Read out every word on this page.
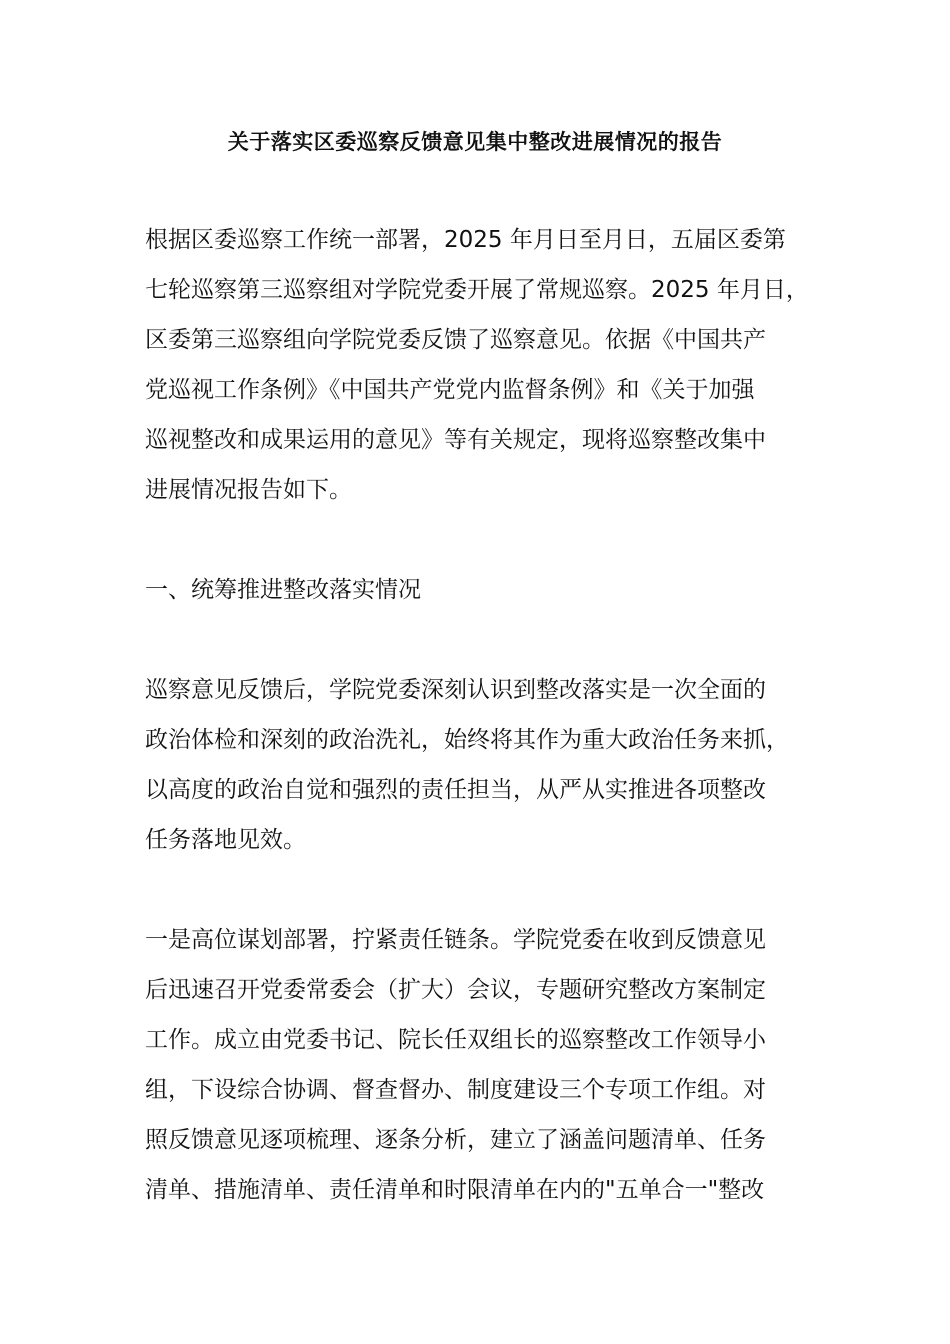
关于落实区委巡察反馈意见集中整改进展情况的报告

根据区委巡察工作统一部署，2025 年月日至月日，五届区委第
七轮巡察第三巡察组对学院党委开展了常规巡察。2025 年月日，
区委第三巡察组向学院党委反馈了巡察意见。依据《中国共产
党巡视工作条例》《中国共产党党内监督条例》和《关于加强
巡视整改和成果运用的意见》等有关规定，现将巡察整改集中
进展情况报告如下。

一、统筹推进整改落实情况

巡察意见反馈后，学院党委深刻认识到整改落实是一次全面的
政治体检和深刻的政治洗礼，始终将其作为重大政治任务来抓，
以高度的政治自觉和强烈的责任担当，从严从实推进各项整改
任务落地见效。

一是高位谋划部署，拧紧责任链条。学院党委在收到反馈意见
后迅速召开党委常委会（扩大）会议，专题研究整改方案制定
工作。成立由党委书记、院长任双组长的巡察整改工作领导小
组，下设综合协调、督查督办、制度建设三个专项工作组。对
照反馈意见逐项梳理、逐条分析，建立了涵盖问题清单、任务
清单、措施清单、责任清单和时限清单在内的"五单合一"整改
